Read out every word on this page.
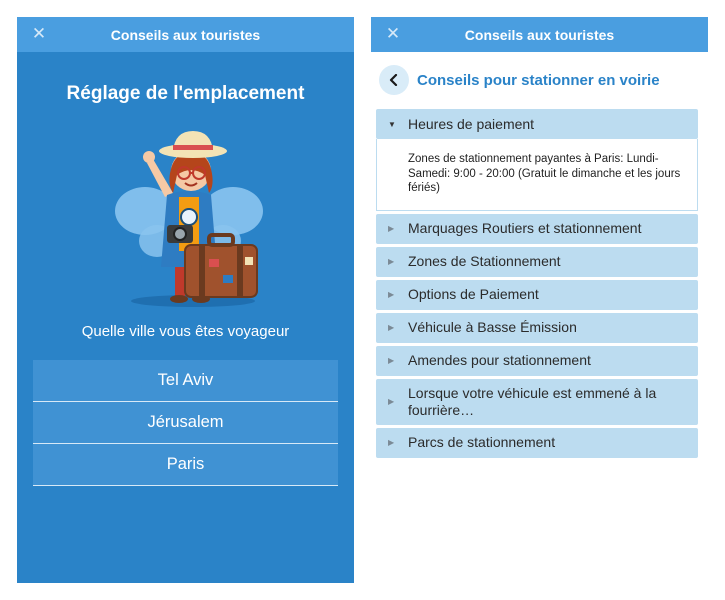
✕	Conseils aux touristes
Réglage de l'emplacement
Quelle ville vous êtes voyageur
Tel Aviv
Jérusalem
Paris
✕	Conseils aux touristes
Conseils pour stationner en voirie
▼ Heures de paiement
Zones de stationnement payantes à Paris: Lundi-Samedi: 9:00 - 20:00 (Gratuit le dimanche et les jours fériés)
▶ Marquages Routiers et stationnement
▶ Zones de Stationnement
▶ Options de Paiement
▶ Véhicule à Basse Émission
▶ Amendes pour stationnement
▶
Lorsque votre véhicule est emmené à la fourrière…
▶ Parcs de stationnement
